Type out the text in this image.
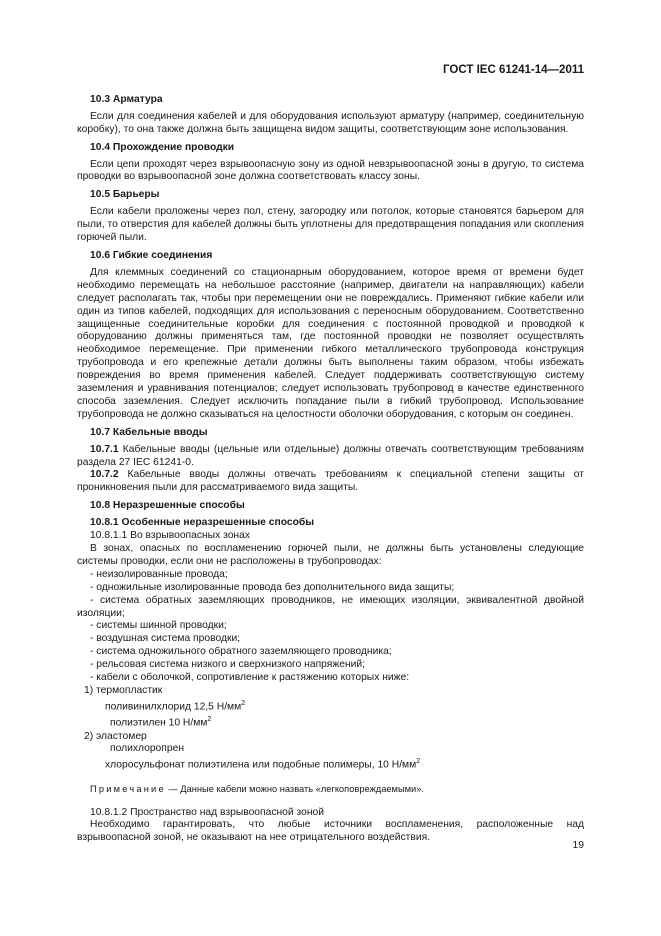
ГОСТ IEC 61241-14—2011
10.3 Арматура

Если для соединения кабелей и для оборудования используют арматуру (например, соединительную коробку), то она также должна быть защищена видом защиты, соответствующим зоне использования.

10.4 Прохождение проводки

Если цепи проходят через взрывоопасную зону из одной невзрывоопасной зоны в другую, то система проводки во взрывоопасной зоне должна соответствовать классу зоны.

10.5 Барьеры

Если кабели проложены через пол, стену, загородку или потолок, которые становятся барьером для пыли, то отверстия для кабелей должны быть уплотнены для предотвращения попадания или скопления горючей пыли.

10.6 Гибкие соединения

Для клеммных соединений со стационарным оборудованием, которое время от времени будет необходимо перемещать на небольшое расстояние (например, двигатели на направляющих) кабели следует располагать так, чтобы при перемещении они не повреждались. Применяют гибкие кабели или один из типов кабелей, подходящих для использования с переносным оборудованием. Соответственно защищенные соединительные коробки для соединения с постоянной проводкой и проводкой к оборудованию должны применяться там, где постоянной проводки не позволяет осуществлять необходимое перемещение. При применении гибкого металлического трубопровода конструкция трубопровода и его крепежные детали должны быть выполнены таким образом, чтобы избежать повреждения во время применения кабелей. Следует поддерживать соответствующую систему заземления и уравнивания потенциалов; следует использовать трубопровод в качестве единственного способа заземления. Следует исключить попадание пыли в гибкий трубопровод. Использование трубопровода не должно сказываться на целостности оболочки оборудования, с которым он соединен.

10.7 Кабельные вводы

10.7.1 Кабельные вводы (цельные или отдельные) должны отвечать соответствующим требованиям раздела 27 IEC 61241-0.

10.7.2 Кабельные вводы должны отвечать требованиям к специальной степени защиты от проникновения пыли для рассматриваемого вида защиты.

10.8 Неразрешенные способы
10.8.1 Особенные неразрешенные способы

10.8.1.1 Во взрывоопасных зонах

В зонах, опасных по воспламенению горючей пыли, не должны быть установлены следующие системы проводки, если они не расположены в трубопроводах:

- неизолированные провода;

- одножильные изолированные провода без дополнительного вида защиты;

- система обратных заземляющих проводников, не имеющих изоляции, эквивалентной двойной изоляции;

- системы шинной проводки;

- воздушная система проводки;

- система одножильного обратного заземляющего проводника;

- рельсовая система низкого и сверхнизкого напряжений;

- кабели с оболочкой, сопротивление к растяжению которых ниже:

1) термопластик

поливинилхлорид 12,5 $Н/мм^2$

полиэтилен 10 $Н/мм^2$

2) эластомер

полихлоропрен

хлоросульфонат полиэтилена или подобные полимеры, 10 $Н/мм^2$

Примечание — Данные кабели можно назвать «легкоповреждаемыми».

10.8.1.2 Пространство над взрывоопасной зоной

Необходимо гарантировать, что любые источники воспламенения, расположенные над взрывоопасной зоной, не оказывают на нее отрицательного воздействия.

19
